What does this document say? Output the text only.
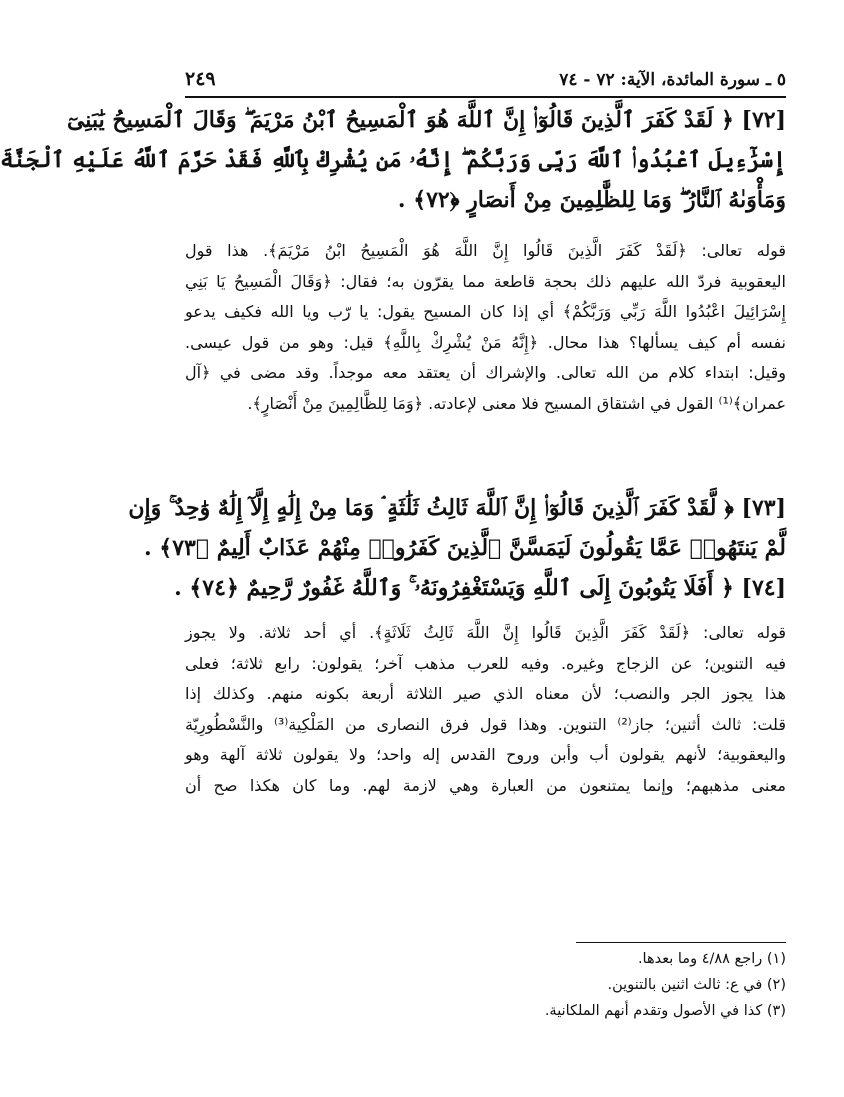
٢٤٩	٥ ـ سورة المائدة، الآية: ٧٢ - ٧٤
[٧٢] ﴿ لَقَدْ كَفَرَ ٱلَّذِينَ قَالُوٓا۟ إِنَّ ٱللَّهَ هُوَ ٱلْمَسِيحُ ٱبْنُ مَرْيَمَ ۖ وَقَالَ ٱلْمَسِيحُ يَٰبَنِىٓ
إِسْرَٰٓءِيلَ ٱعْبُدُوا۟ ٱللَّهَ رَبِّى وَرَبَّكُمْ ۖ إِنَّهُۥ مَن يُشْرِكْ بِٱللَّهِ فَقَدْ حَرَّمَ ٱللَّهُ عَلَيْهِ ٱلْجَنَّةَ
وَمَأْوَىٰهُ ٱلنَّارُ ۖ وَمَا لِلظَّٰلِمِينَ مِنْ أَنصَارٍ ﴿٧٢﴾ .
قوله تعالى: ﴿لَقَدْ كَفَرَ الَّذِينَ قَالُوا إِنَّ اللَّهَ هُوَ الْمَسِيحُ ابْنُ مَرْيَمَ﴾. هذا قول
اليعقوبية فردّ الله عليهم ذلك بحجة قاطعة مما يقرّون به؛ فقال: ﴿وَقَالَ الْمَسِيحُ يَا بَنِي
إِسْرَائِيلَ اعْبُدُوا اللَّهَ رَبِّي وَرَبَّكُمْ﴾ أي إذا كان المسيح يقول: يا رّب ويا الله فكيف يدعو
نفسه أم كيف يسألها؟ هذا محال. ﴿إِنَّهُ مَنْ يُشْرِكْ بِاللَّهِ﴾ قيل: وهو من قول عيسى.
وقيل: ابتداء كلام من الله تعالى. والإشراك أن يعتقد معه موجداً. وقد مضى في ﴿آل
عمران﴾⁽¹⁾ القول في اشتقاق المسيح فلا معنى لإعادته. ﴿وَمَا لِلظَّالِمِينَ مِنْ أَنْصَارٍ﴾.
[٧٣] ﴿ لَّقَدْ كَفَرَ ٱلَّذِينَ قَالُوٓا۟ إِنَّ ٱللَّهَ ثَالِثُ ثَلَٰثَةٍ ۘ وَمَا مِنْ إِلَٰهٍ إِلَّآ إِلَٰهٌ وَٰحِدٌ ۚ وَإِن
لَّمْ يَنتَهُوا۟ عَمَّا يَقُولُونَ لَيَمَسَّنَّ ٱلَّذِينَ كَفَرُوا۟ مِنْهُمْ عَذَابٌ أَلِيمٌ ﴿٧٣﴾ .
[٧٤] ﴿ أَفَلَا يَتُوبُونَ إِلَى ٱللَّهِ وَيَسْتَغْفِرُونَهُۥ ۚ وَٱللَّهُ غَفُورٌ رَّحِيمٌ ﴿٧٤﴾ .
قوله تعالى: ﴿لَقَدْ كَفَرَ الَّذِينَ قَالُوا إِنَّ اللَّهَ ثَالِثُ ثَلَاثَةٍ﴾. أي أحد ثلاثة. ولا يجوز
فيه التنوين؛ عن الزجاج وغيره. وفيه للعرب مذهب آخر؛ يقولون: رابع ثلاثة؛ فعلى
هذا يجوز الجر والنصب؛ لأن معناه الذي صير الثلاثة أربعة بكونه منهم. وكذلك إذا
قلت: ثالث أثنين؛ جاز⁽²⁾ التنوين. وهذا قول فرق النصارى من المَلْكِية⁽³⁾ والنَّسْطُورِيّة
واليعقوبية؛ لأنهم يقولون أب وأبن وروح القدس إله واحد؛ ولا يقولون ثلاثة آلهة وهو
معنى مذهبهم؛ وإنما يمتنعون من العبارة وهي لازمة لهم. وما كان هكذا صح أن
(١) راجع ٤/٨٨ وما بعدها.
(٢) في ع: ثالث اثنين بالتنوين.
(٣) كذا في الأصول وتقدم أنهم الملكانية.
